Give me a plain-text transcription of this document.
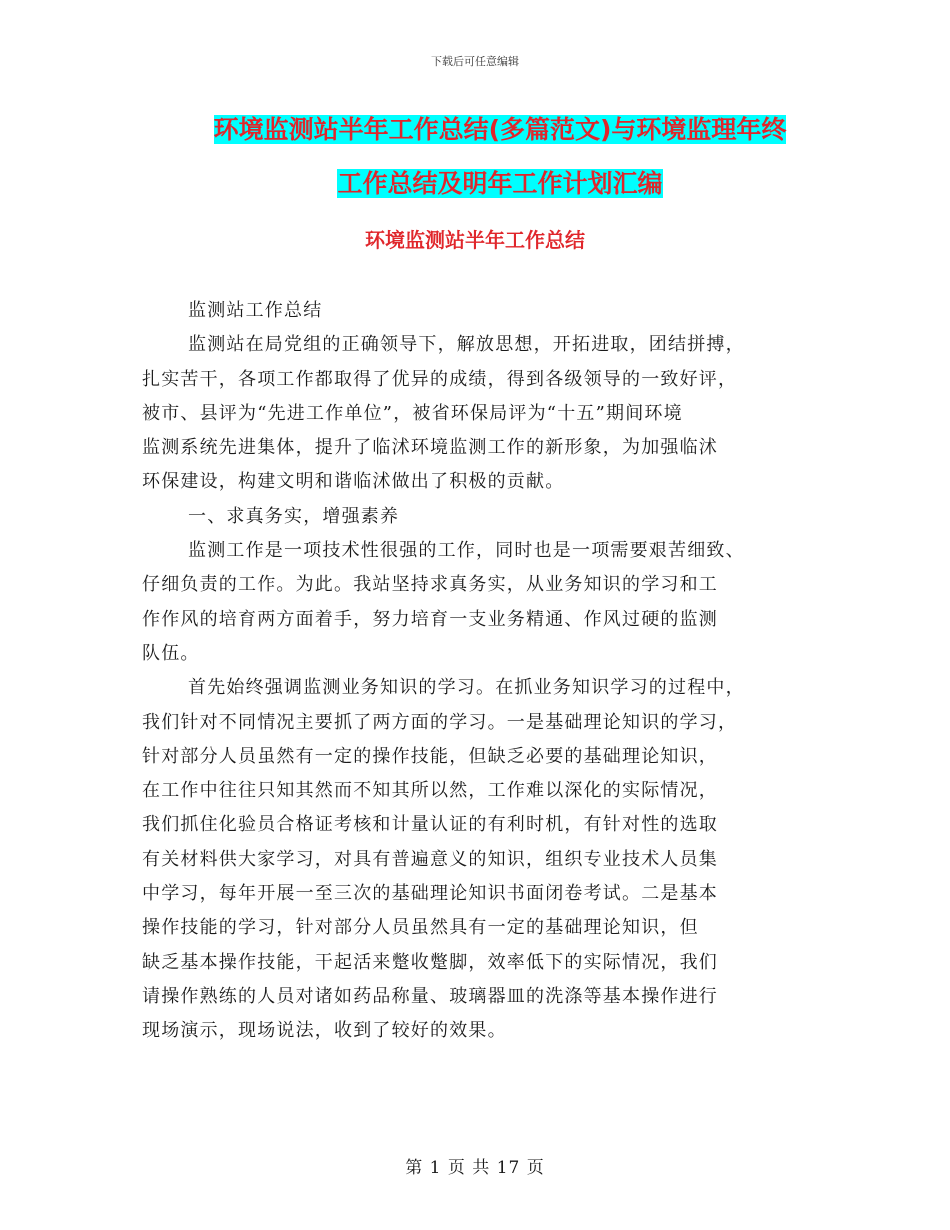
下载后可任意编辑
环境监测站半年工作总结(多篇范文)与环境监理年终
工作总结及明年工作计划汇编
环境监测站半年工作总结
监测站工作总结
监测站在局党组的正确领导下，解放思想，开拓进取，团结拼搏，
扎实苦干，各项工作都取得了优异的成绩，得到各级领导的一致好评，
被市、县评为“先进工作单位”，被省环保局评为“十五”期间环境
监测系统先进集体，提升了临沭环境监测工作的新形象，为加强临沭
环保建设，构建文明和谐临沭做出了积极的贡献。
一、求真务实，增强素养
监测工作是一项技术性很强的工作，同时也是一项需要艰苦细致、
仔细负责的工作。为此。我站坚持求真务实，从业务知识的学习和工
作作风的培育两方面着手，努力培育一支业务精通、作风过硬的监测
队伍。
首先始终强调监测业务知识的学习。在抓业务知识学习的过程中，
我们针对不同情况主要抓了两方面的学习。一是基础理论知识的学习，
针对部分人员虽然有一定的操作技能，但缺乏必要的基础理论知识，
在工作中往往只知其然而不知其所以然，工作难以深化的实际情况，
我们抓住化验员合格证考核和计量认证的有利时机，有针对性的选取
有关材料供大家学习，对具有普遍意义的知识，组织专业技术人员集
中学习，每年开展一至三次的基础理论知识书面闭卷考试。二是基本
操作技能的学习，针对部分人员虽然具有一定的基础理论知识，但
缺乏基本操作技能，干起活来蹩收蹩脚，效率低下的实际情况，我们
请操作熟练的人员对诸如药品称量、玻璃器皿的洗涤等基本操作进行
现场演示，现场说法，收到了较好的效果。
第 1 页 共 17 页
